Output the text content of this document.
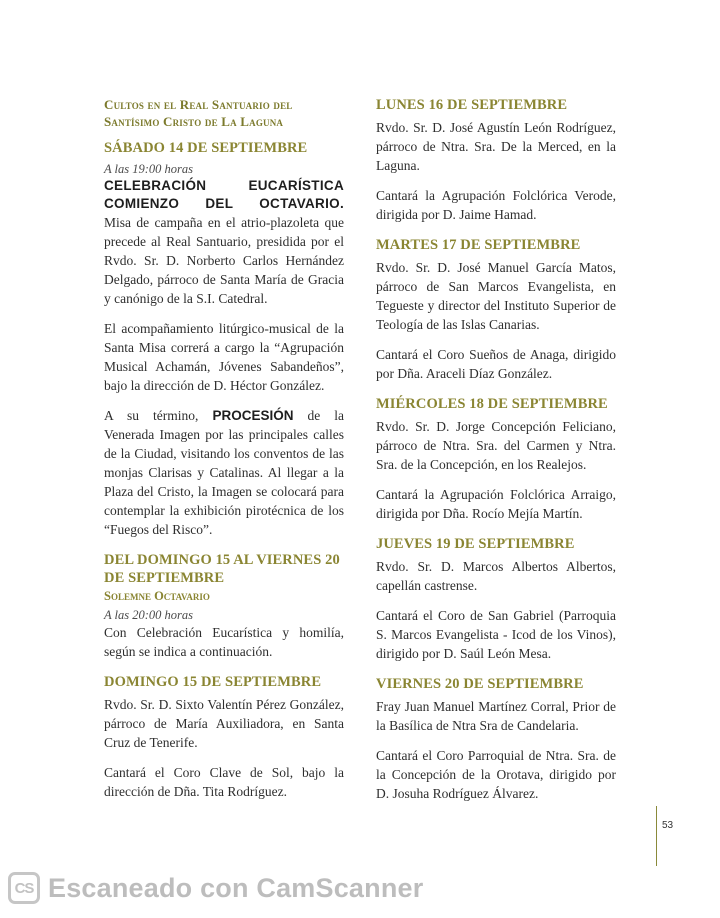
Cultos en el Real Santuario del Santísimo Cristo de La Laguna
SÁBADO 14 DE SEPTIEMBRE
A las 19:00 horas
CELEBRACIÓN EUCARÍSTICA
COMIENZO DEL OCTAVARIO.

Misa de campaña en el atrio-plazoleta que precede al Real Santuario, presidida por el Rvdo. Sr. D. Norberto Carlos Hernández Delgado, párroco de Santa María de Gracia y canónigo de la S.I. Catedral.

El acompañamiento litúrgico-musical de la Santa Misa correrá a cargo la “Agrupación Musical Achamán, Jóvenes Sabandeños”, bajo la dirección de D. Héctor González.

A su término, PROCESIÓN de la Venerada Imagen por las principales calles de la Ciudad, visitando los conventos de las monjas Clarisas y Catalinas. Al llegar a la Plaza del Cristo, la Imagen se colocará para contemplar la exhibición pirotécnica de los “Fuegos del Risco”.

DEL DOMINGO 15 AL VIERNES 20 DE SEPTIEMBRE
Solemne Octavario
A las 20:00 horas

Con Celebración Eucarística y homilía, según se indica a continuación.

DOMINGO 15 DE SEPTIEMBRE

Rvdo. Sr. D. Sixto Valentín Pérez González, párroco de María Auxiliadora, en Santa Cruz de Tenerife.

Cantará el Coro Clave de Sol, bajo la dirección de Dña. Tita Rodríguez.

LUNES 16 DE SEPTIEMBRE

Rvdo. Sr. D. José Agustín León Rodríguez, párroco de Ntra. Sra. De la Merced, en la Laguna.

Cantará la Agrupación Folclórica Verode, dirigida por D. Jaime Hamad.

MARTES 17 DE SEPTIEMBRE

Rvdo. Sr. D. José Manuel García Matos, párroco de San Marcos Evangelista, en Tegueste y director del Instituto Superior de Teología de las Islas Canarias.

Cantará el Coro Sueños de Anaga, dirigido por Dña. Araceli Díaz González.

MIÉRCOLES 18 DE SEPTIEMBRE

Rvdo. Sr. D. Jorge Concepción Feliciano, párroco de Ntra. Sra. del Carmen y Ntra. Sra. de la Concepción, en los Realejos.

Cantará la Agrupación Folclórica Arraigo, dirigida por Dña. Rocío Mejía Martín.

JUEVES 19 DE SEPTIEMBRE

Rvdo. Sr. D. Marcos Albertos Albertos, capellán castrense.

Cantará el Coro de San Gabriel (Parroquia S. Marcos Evangelista - Icod de los Vinos), dirigido por D. Saúl León Mesa.

VIERNES 20 DE SEPTIEMBRE

Fray Juan Manuel Martínez Corral, Prior de la Basílica de Ntra Sra de Candelaria.

Cantará el Coro Parroquial de Ntra. Sra. de la Concepción de la Orotava, dirigido por D. Josuha Rodríguez Álvarez.

53
CS Escaneado con CamScanner
